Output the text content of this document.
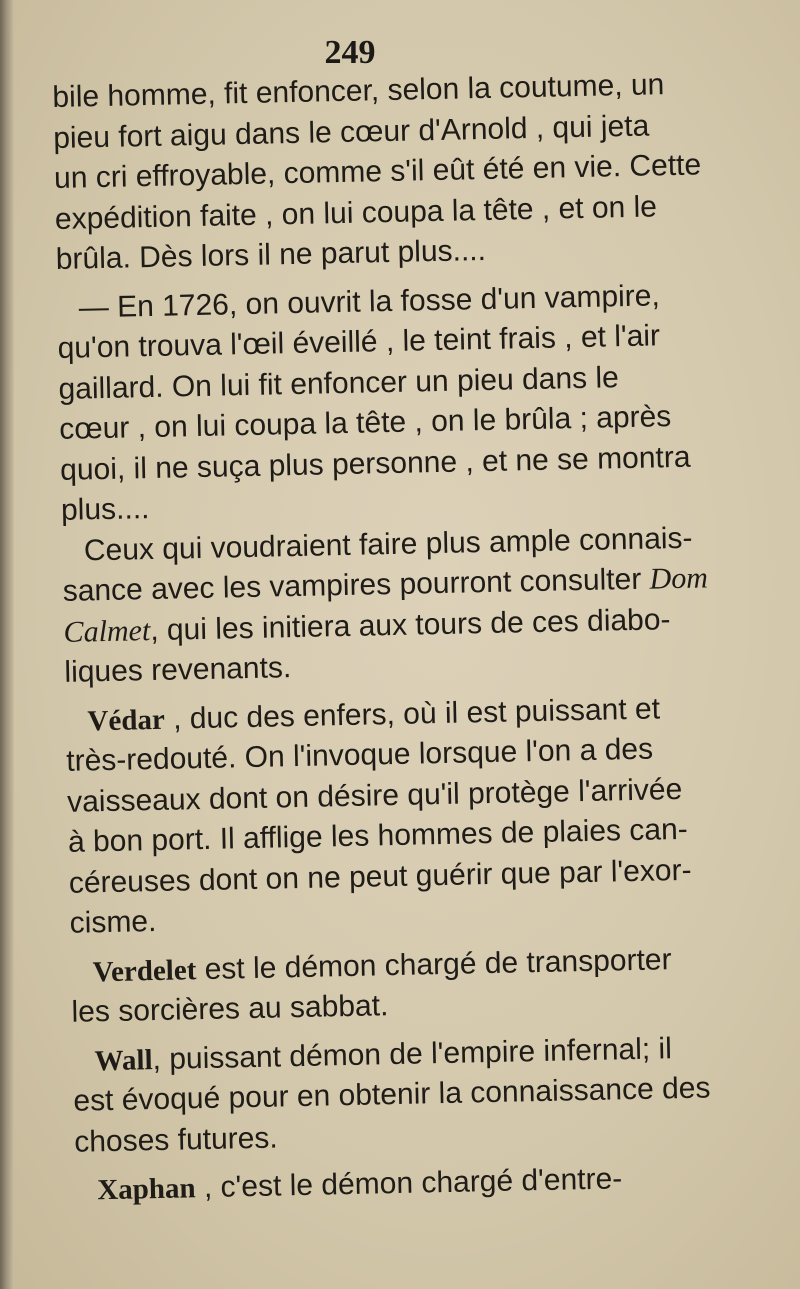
249
bile homme, fit enfoncer, selon la coutume, un
pieu fort aigu dans le cœur d'Arnold , qui jeta
un cri effroyable, comme s'il eût été en vie. Cette
expédition faite , on lui coupa la tête , et on le
brûla. Dès lors il ne parut plus....
— En 1726, on ouvrit la fosse d'un vampire,
qu'on trouva l'œil éveillé , le teint frais , et l'air
gaillard. On lui fit enfoncer un pieu dans le
cœur , on lui coupa la tête , on le brûla ; après
quoi, il ne suça plus personne , et ne se montra
plus....
Ceux qui voudraient faire plus ample connais-
sance avec les vampires pourront consulter Dom
Calmet, qui les initiera aux tours de ces diabo-
liques revenants.
Védar , duc des enfers, où il est puissant et
très-redouté. On l'invoque lorsque l'on a des
vaisseaux dont on désire qu'il protège l'arrivée
à bon port. Il afflige les hommes de plaies can-
céreuses dont on ne peut guérir que par l'exor-
cisme.
Verdelet est le démon chargé de transporter
les sorcières au sabbat.
Wall, puissant démon de l'empire infernal; il
est évoqué pour en obtenir la connaissance des
choses futures.
Xaphan , c'est le démon chargé d'entre-
